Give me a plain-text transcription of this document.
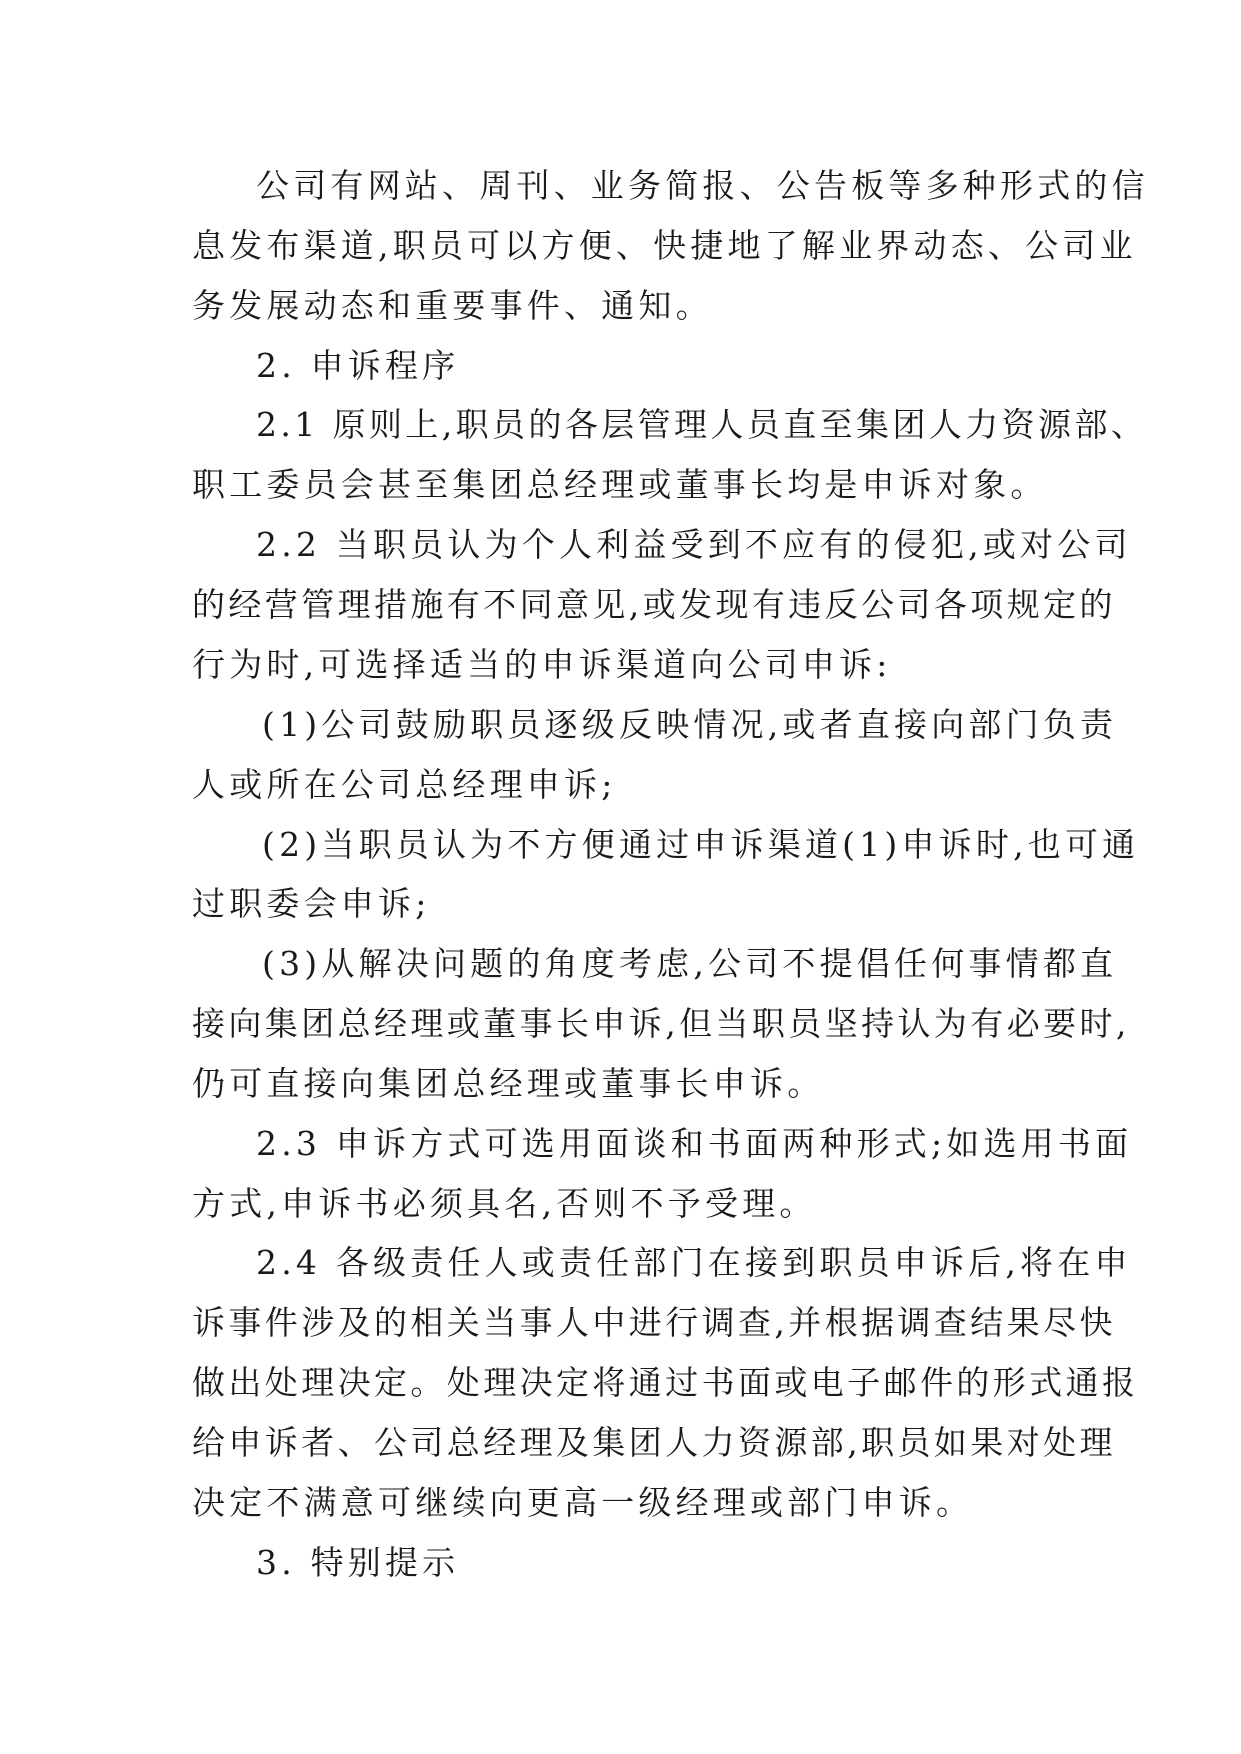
公司有网站、周刊、业务简报、公告板等多种形式的信
息发布渠道,职员可以方便、快捷地了解业界动态、公司业
务发展动态和重要事件、通知。
2. 申诉程序
2.1 原则上,职员的各层管理人员直至集团人力资源部、
职工委员会甚至集团总经理或董事长均是申诉对象。
2.2 当职员认为个人利益受到不应有的侵犯,或对公司
的经营管理措施有不同意见,或发现有违反公司各项规定的
行为时,可选择适当的申诉渠道向公司申诉:
(1)公司鼓励职员逐级反映情况,或者直接向部门负责
人或所在公司总经理申诉;
(2)当职员认为不方便通过申诉渠道(1)申诉时,也可通
过职委会申诉;
(3)从解决问题的角度考虑,公司不提倡任何事情都直
接向集团总经理或董事长申诉,但当职员坚持认为有必要时,
仍可直接向集团总经理或董事长申诉。
2.3 申诉方式可选用面谈和书面两种形式;如选用书面
方式,申诉书必须具名,否则不予受理。
2.4 各级责任人或责任部门在接到职员申诉后,将在申
诉事件涉及的相关当事人中进行调查,并根据调查结果尽快
做出处理决定。处理决定将通过书面或电子邮件的形式通报
给申诉者、公司总经理及集团人力资源部,职员如果对处理
决定不满意可继续向更高一级经理或部门申诉。
3. 特别提示
